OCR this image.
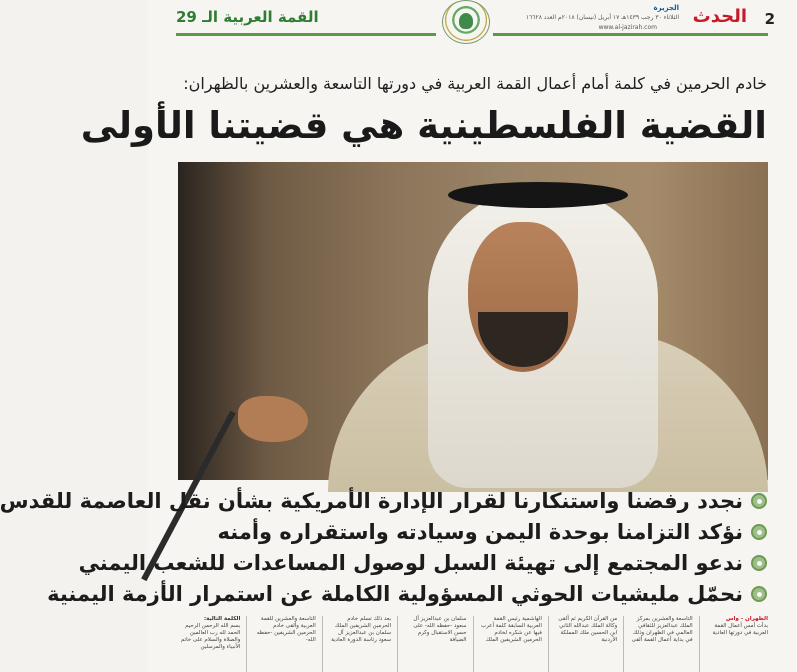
2
الحدث
الجزيرة
الثلاثاء ٣٠ رجب ١٤٣٩هـ ١٧ أبريل (نيسان) ٢٠١٨م العدد ١٦٦٢٨
www.al-jazirah.com
القمة العربية الـ 29
خادم الحرمين في كلمة أمام أعمال القمة العربية في دورتها التاسعة والعشرين بالظهران:
القضية الفلسطينية هي قضيتنا الأولى
نجدد رفضنا واستنكارنا لقرار الإدارة الأمريكية بشأن نقل العاصمة للقدس
نؤكد التزامنا بوحدة اليمن وسيادته واستقراره وأمنه
ندعو المجتمع إلى تهيئة السبل لوصول المساعدات للشعب اليمني
نحمّل مليشيات الحوثي المسؤولية الكاملة عن استمرار الأزمة اليمنية
الظهران - واس
بدأت أمس أعمال القمة العربية في دورتها العادية
التاسعة والعشرين بمركز الملك عبدالعزيز للثقافي العالمي في الظهران وذلك في بداية أعمال القمة ألقى
من القرآن الكريم ثم ألقى وكالة الملك عبدالله الثاني ابن الحسين ملك المملكة الأردنية
الهاشمية رئيس القمة العربية السابقة كلمة أعرب فيها عن شكره لخادم الحرمين الشريفين الملك
سلمان بن عبدالعزيز آل سعود -حفظه الله- على حسن الاستقبال وكرم الضيافة
بعد ذلك تسلم خادم الحرمين الشريفين الملك سلمان بن عبدالعزيز آل سعود رئاسة الدورة العادية
التاسعة والعشرين للقمة العربية وألقى خادم الحرمين الشريفين -حفظه الله-
الكلمة التالية:
بسم الله الرحمن الرحيم الحمد لله رب العالمين والصلاة والسلام على خاتم الأنبياء والمرسلين
